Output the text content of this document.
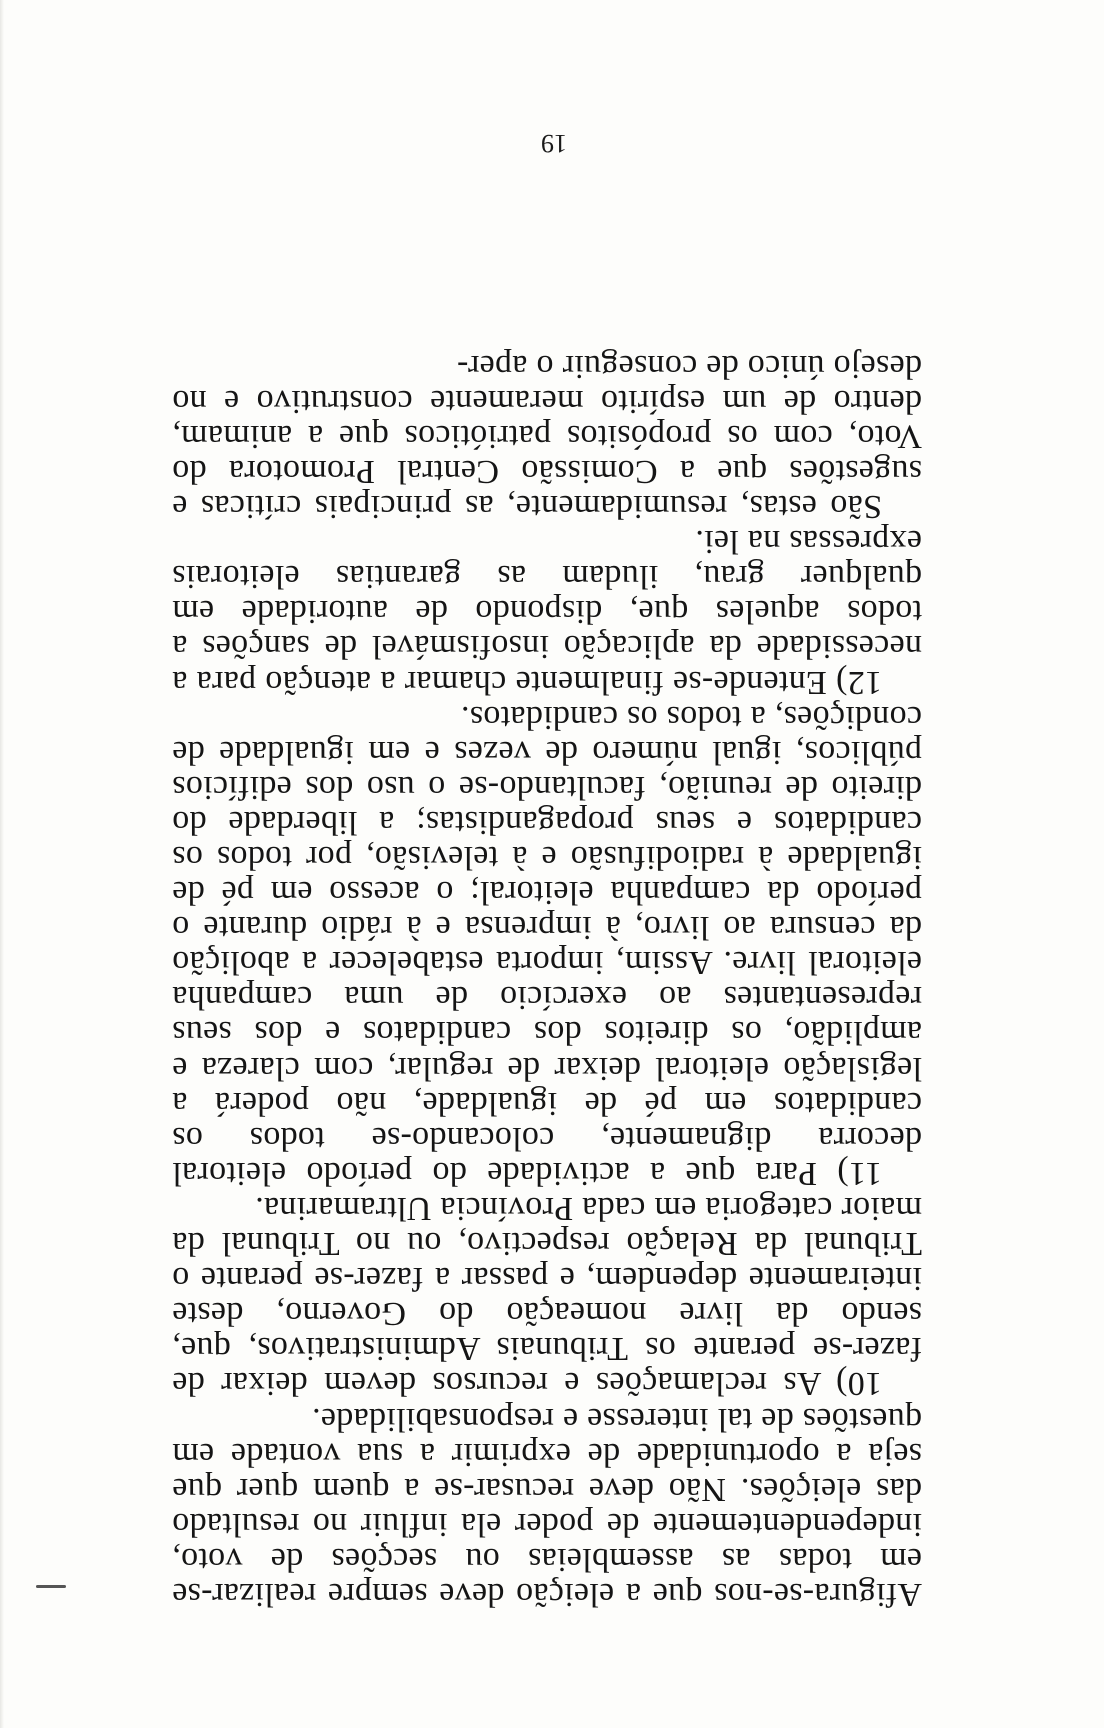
Afigura-se-nos que a eleição deve sempre realizar-se em todas as assembleias ou secções de voto, independentemente de poder ela influir no resultado das eleições. Não deve recusar-se a quem quer que seja a oportunidade de exprimir a sua vontade em questões de tal interesse e responsabilidade.

10) As reclamações e recursos devem deixar de fazer-se perante os Tribunais Administrativos, que, sendo da livre nomeação do Governo, deste inteiramente dependem, e passar a fazer-se perante o Tribunal da Relação respectivo, ou no Tribunal da maior categoria em cada Província Ultramarina.

11) Para que a actividade do período eleitoral decorra dignamente, colocando-se todos os candidatos em pé de igualdade, não poderá a legislação eleitoral deixar de regular, com clareza e amplidão, os direitos dos candidatos e dos seus representantes ao exercício de uma campanha eleitoral livre. Assim, importa estabelecer a abolição da censura ao livro, à imprensa e à rádio durante o período da campanha eleitoral; o acesso em pé de igualdade à radiodifusão e à televisão, por todos os candidatos e seus propagandistas; a liberdade do direito de reunião, facultando-se o uso dos edifícios públicos, igual número de vezes e em igualdade de condições, a todos os candidatos.

12) Entende-se finalmente chamar a atenção para a necessidade da aplicação insofismável de sanções a todos aqueles que, dispondo de autoridade em qualquer grau, iludam as garantias eleitorais expressas na lei.

São estas, resumidamente, as principais críticas e sugestões que a Comissão Central Promotora do Voto, com os propósitos patrióticos que a animam, dentro de um espírito meramente construtivo e no desejo único de conseguir o aper-

19
